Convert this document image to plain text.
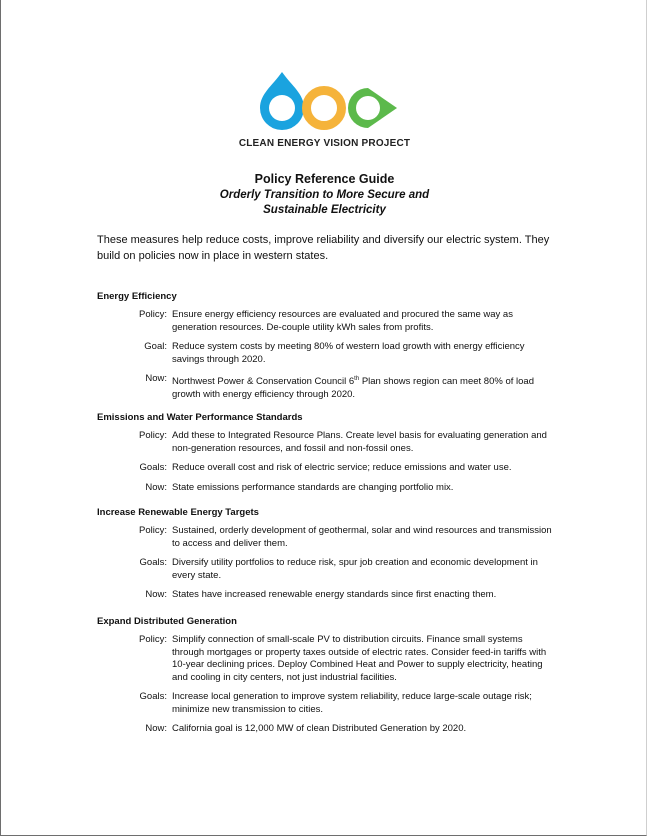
CLEAN ENERGY VISION PROJECT
Policy Reference Guide
Orderly Transition to More Secure and
Sustainable Electricity
These measures help reduce costs, improve reliability and diversify our electric system. They
build on policies now in place in western states.
Energy Efficiency
Policy: Ensure energy efficiency resources are evaluated and procured the same way as
generation resources. De-couple utility kWh sales from profits.
Goal: Reduce system costs by meeting 80% of western load growth with energy efficiency
savings through 2020.
Now: Northwest Power & Conservation Council 6th Plan shows region can meet 80% of load
growth with energy efficiency through 2020.
Emissions and Water Performance Standards
Policy: Add these to Integrated Resource Plans. Create level basis for evaluating generation and
non-generation resources, and fossil and non-fossil ones.
Goals: Reduce overall cost and risk of electric service; reduce emissions and water use.
Now: State emissions performance standards are changing portfolio mix.
Increase Renewable Energy Targets
Policy: Sustained, orderly development of geothermal, solar and wind resources and transmission
to access and deliver them.
Goals: Diversify utility portfolios to reduce risk, spur job creation and economic development in
every state.
Now: States have increased renewable energy standards since first enacting them.
Expand Distributed Generation
Policy: Simplify connection of small-scale PV to distribution circuits. Finance small systems
through mortgages or property taxes outside of electric rates. Consider feed-in tariffs with
10-year declining prices. Deploy Combined Heat and Power to supply electricity, heating
and cooling in city centers, not just industrial facilities.
Goals: Increase local generation to improve system reliability, reduce large-scale outage risk;
minimize new transmission to cities.
Now: California goal is 12,000 MW of clean Distributed Generation by 2020.
